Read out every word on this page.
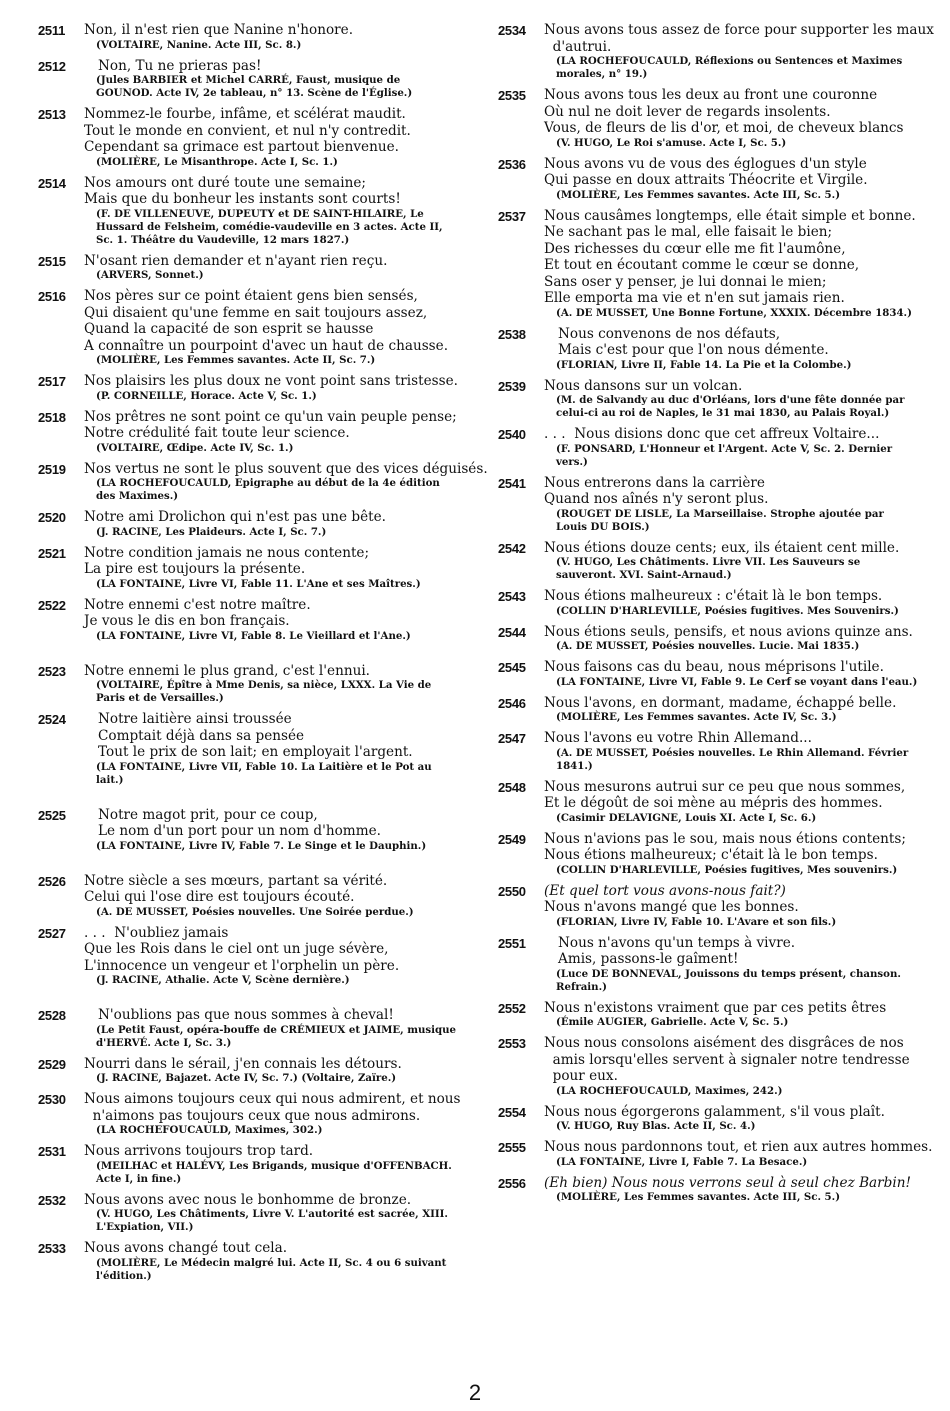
2511 Non, il n'est rien que Nanine n'honore.
(VOLTAIRE, Nanine. Acte III, Sc. 8.)
2512	Non, Tu ne prieras pas!
(Jules BARBIER et Michel CARRÉ, Faust, musique de GOUNOD. Acte IV, 2e tableau, n° 13. Scène de l'Église.)
2513 Nommez-le fourbe, infâme, et scélérat maudit.
Tout le monde en convient, et nul n'y contredit.
Cependant sa grimace est partout bienvenue.
(MOLIÈRE, Le Misanthrope. Acte I, Sc. 1.)
2514 Nos amours ont duré toute une semaine;
Mais que du bonheur les instants sont courts!
(F. DE VILLENEUVE, DUPEUTY et DE SAINT-HILAIRE, Le Hussard de Felsheim, comédie-vaudeville en 3 actes. Acte II, Sc. 1. Théâtre du Vaudeville, 12 mars 1827.)
2515 N'osant rien demander et n'ayant rien reçu.
(ARVERS, Sonnet.)
2516 Nos pères sur ce point étaient gens bien sensés,
Qui disaient qu'une femme en sait toujours assez,
Quand la capacité de son esprit se hausse
A connaître un pourpoint d'avec un haut de chausse.
(MOLIÈRE, Les Femmes savantes. Acte II, Sc. 7.)
2517 Nos plaisirs les plus doux ne vont point sans tristesse.
(P. CORNEILLE, Horace. Acte V, Sc. 1.)
2518 Nos prêtres ne sont point ce qu'un vain peuple pense;
Notre crédulité fait toute leur science.
(VOLTAIRE, Œdipe. Acte IV, Sc. 1.)
2519 Nos vertus ne sont le plus souvent que des vices déguisés.
(LA ROCHEFOUCAULD, Epigraphe au début de la 4e édition des Maximes.)
2520 Notre ami Drolichon qui n'est pas une bête.
(J. RACINE, Les Plaideurs. Acte I, Sc. 7.)
2521 Notre condition jamais ne nous contente;
La pire est toujours la présente.
(LA FONTAINE, Livre VI, Fable 11. L'Ane et ses Maîtres.)
2522 Notre ennemi c'est notre maître.
Je vous le dis en bon français.
(LA FONTAINE, Livre VI, Fable 8. Le Vieillard et l'Ane.)
2523 Notre ennemi le plus grand, c'est l'ennui.
(VOLTAIRE, Épître à Mme Denis, sa nièce, LXXX. La Vie de Paris et de Versailles.)
2524	Notre laitière ainsi troussée
Comptait déjà dans sa pensée
Tout le prix de son lait; en employait l'argent.
(LA FONTAINE, Livre VII, Fable 10. La Laitière et le Pot au lait.)
2525	Notre magot prit, pour ce coup,
Le nom d'un port pour un nom d'homme.
(LA FONTAINE, Livre IV, Fable 7. Le Singe et le Dauphin.)
2526 Notre siècle a ses mœurs, partant sa vérité.
Celui qui l'ose dire est toujours écouté.
(A. DE MUSSET, Poésies nouvelles. Une Soirée perdue.)
2527 . . .  N'oubliez jamais
Que les Rois dans le ciel ont un juge sévère,
L'innocence un vengeur et l'orphelin un père.
(J. RACINE, Athalie. Acte V, Scène dernière.)
2528	N'oublions pas que nous sommes à cheval!
(Le Petit Faust, opéra-bouffe de CRÉMIEUX et JAIME, musique d'HERVÉ. Acte I, Sc. 3.)
2529 Nourri dans le sérail, j'en connais les détours.
(J. RACINE, Bajazet. Acte IV, Sc. 7.) (Voltaire, Zaïre.)
2530 Nous aimons toujours ceux qui nous admirent, et nous
n'aimons pas toujours ceux que nous admirons.
(LA ROCHEFOUCAULD, Maximes, 302.)
2531 Nous arrivons toujours trop tard.
(MEILHAC et HALÉVY, Les Brigands, musique d'OFFENBACH. Acte I, in fine.)
2532 Nous avons avec nous le bonhomme de bronze.
(V. HUGO, Les Châtiments, Livre V. L'autorité est sacrée, XIII. L'Expiation, VII.)
2533 Nous avons changé tout cela.
(MOLIÈRE, Le Médecin malgré lui. Acte II, Sc. 4 ou 6 suivant l'édition.)
2534 Nous avons tous assez de force pour supporter les maux
d'autrui.
(LA ROCHEFOUCAULD, Réflexions ou Sentences et Maximes morales, n° 19.)
2535 Nous avons tous les deux au front une couronne
Où nul ne doit lever de regards insolents.
Vous, de fleurs de lis d'or, et moi, de cheveux blancs
(V. HUGO, Le Roi s'amuse. Acte I, Sc. 5.)
2536 Nous avons vu de vous des églogues d'un style
Qui passe en doux attraits Théocrite et Virgile.
(MOLIÈRE, Les Femmes savantes. Acte III, Sc. 5.)
2537 Nous causâmes longtemps, elle était simple et bonne.
Ne sachant pas le mal, elle faisait le bien;
Des richesses du cœur elle me fit l'aumône,
Et tout en écoutant comme le cœur se donne,
Sans oser y penser, je lui donnai le mien;
Elle emporta ma vie et n'en sut jamais rien.
(A. DE MUSSET, Une Bonne Fortune, XXXIX. Décembre 1834.)
2538	Nous convenons de nos défauts,
Mais c'est pour que l'on nous démente.
(FLORIAN, Livre II, Fable 14. La Pie et la Colombe.)
2539 Nous dansons sur un volcan.
(M. de Salvandy au duc d'Orléans, lors d'une fête donnée par celui-ci au roi de Naples, le 31 mai 1830, au Palais Royal.)
2540 . . .  Nous disions donc que cet affreux Voltaire...
(F. PONSARD, L'Honneur et l'Argent. Acte V, Sc. 2. Dernier vers.)
2541 Nous entrerons dans la carrière
Quand nos aînés n'y seront plus.
(ROUGET DE LISLE, La Marseillaise. Strophe ajoutée par Louis DU BOIS.)
2542 Nous étions douze cents; eux, ils étaient cent mille.
(V. HUGO, Les Châtiments. Livre VII. Les Sauveurs se sauveront. XVI. Saint-Arnaud.)
2543 Nous étions malheureux : c'était là le bon temps.
(COLLIN D'HARLEVILLE, Poésies fugitives. Mes Souvenirs.)
2544 Nous étions seuls, pensifs, et nous avions quinze ans.
(A. DE MUSSET, Poésies nouvelles. Lucie. Mai 1835.)
2545 Nous faisons cas du beau, nous méprisons l'utile.
(LA FONTAINE, Livre VI, Fable 9. Le Cerf se voyant dans l'eau.)
2546 Nous l'avons, en dormant, madame, échappé belle.
(MOLIÈRE, Les Femmes savantes. Acte IV, Sc. 3.)
2547 Nous l'avons eu votre Rhin Allemand...
(A. DE MUSSET, Poésies nouvelles. Le Rhin Allemand. Février 1841.)
2548 Nous mesurons autrui sur ce peu que nous sommes,
Et le dégoût de soi mène au mépris des hommes.
(Casimir DELAVIGNE, Louis XI. Acte I, Sc. 6.)
2549 Nous n'avions pas le sou, mais nous étions contents;
Nous étions malheureux; c'était là le bon temps.
(COLLIN D'HARLEVILLE, Poésies fugitives, Mes souvenirs.)
2550 (Et quel tort vous avons-nous fait?)
Nous n'avons mangé que les bonnes.
(FLORIAN, Livre IV, Fable 10. L'Avare et son fils.)
2551	Nous n'avons qu'un temps à vivre.
Amis, passons-le gaîment!
(Luce DE BONNEVAL, Jouissons du temps présent, chanson. Refrain.)
2552 Nous n'existons vraiment que par ces petits êtres
(Émile AUGIER, Gabrielle. Acte V, Sc. 5.)
2553 Nous nous consolons aisément des disgrâces de nos
amis lorsqu'elles servent à signaler notre tendresse
pour eux.
(LA ROCHEFOUCAULD, Maximes, 242.)
2554 Nous nous égorgerons galamment, s'il vous plaît.
(V. HUGO, Ruy Blas. Acte II, Sc. 4.)
2555 Nous nous pardonnons tout, et rien aux autres hommes.
(LA FONTAINE, Livre I, Fable 7. La Besace.)
2556 (Eh bien) Nous nous verrons seul à seul chez Barbin!
(MOLIÈRE, Les Femmes savantes. Acte III, Sc. 5.)
2
